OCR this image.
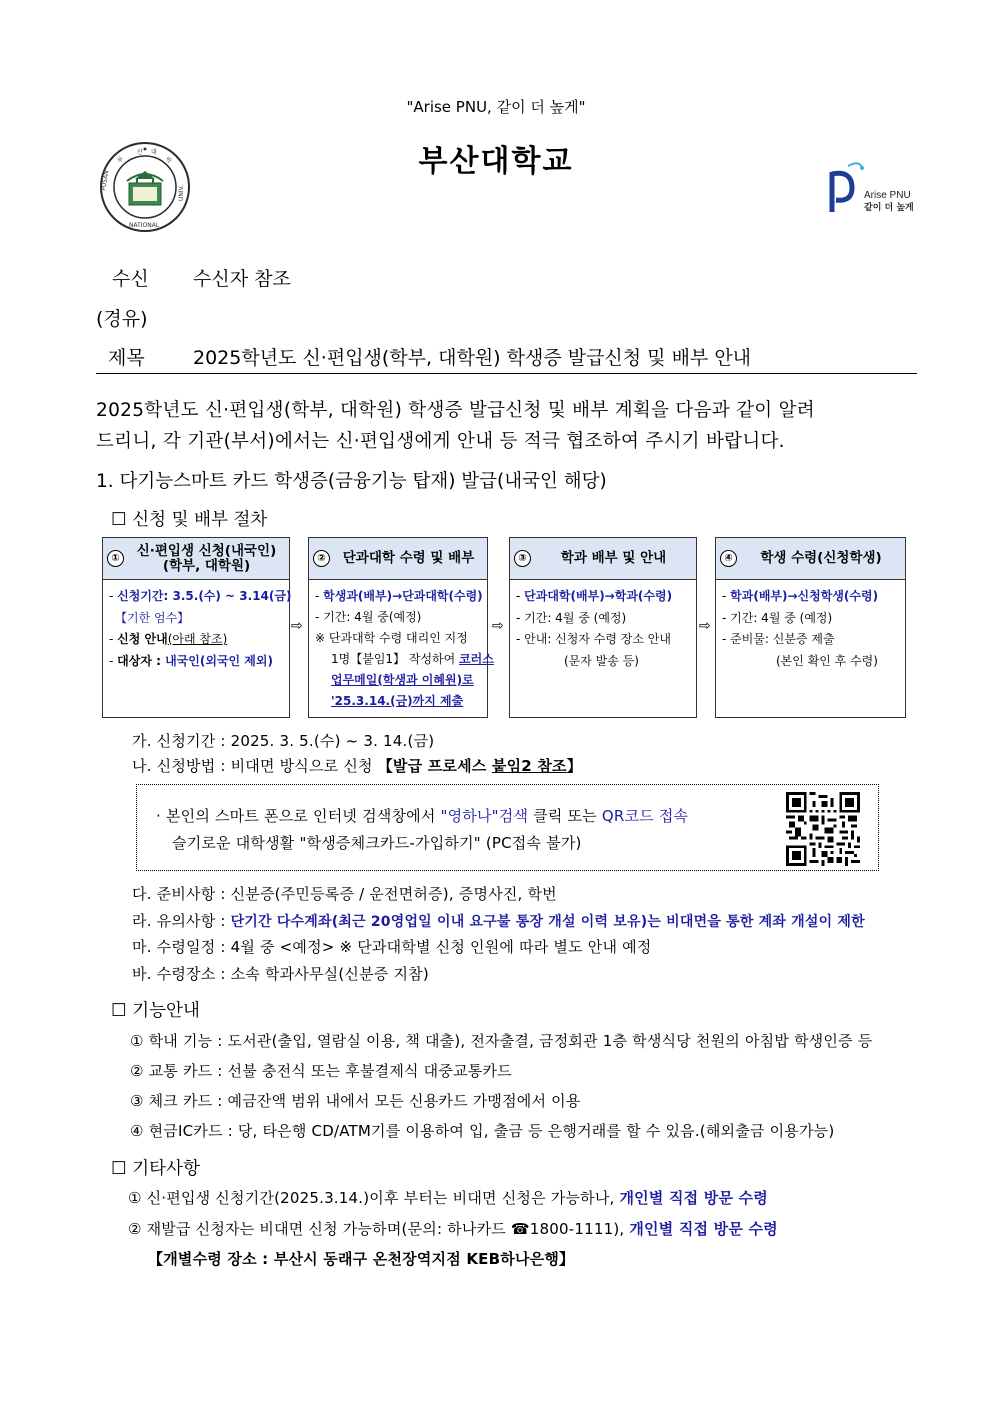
"Arise PNU, 같이 더 높게"
부
산 대
학
PUSAN
NATIONAL
UNIV.
부산대학교
Arise PNU
같이 더 높게
수신 수신자 참조
(경유)
제목	2025학년도 신·편입생(학부, 대학원) 학생증 발급신청 및 배부 안내
2025학년도 신·편입생(학부, 대학원) 학생증 발급신청 및 배부 계획을 다음과 같이 알려
드리니, 각 기관(부서)에서는 신·편입생에게 안내 등 적극 협조하여 주시기 바랍니다.
1. 다기능스마트 카드 학생증(금융기능 탑재) 발급(내국인 해당)
☐ 신청 및 배부 절차
①	신·편입생 신청(내국인)(학부, 대학원)
- 신청기간: 3.5.(수) ~ 3.14(금)
【기한 엄수】
- 신청 안내(아래 참조)
- 대상자 : 내국인(외국인 제외)
⇨
②	단과대학 수령 및 배부
- 학생과(배부)→단과대학(수령)
- 기간: 4월 중(예정)
※ 단과대학 수령 대리인 지정
1명【붙임1】 작성하여 코러스
업무메일(학생과 이혜원)로
'25.3.14.(금)까지 제출
⇨
③	학과 배부 및 안내
- 단과대학(배부)→학과(수령)
- 기간: 4월 중 (예정)
- 안내: 신청자 수령 장소 안내
(문자 발송 등)
⇨
④	학생 수령(신청학생)
- 학과(배부)→신청학생(수령)
- 기간: 4월 중 (예정)
- 준비물: 신분증 제출
(본인 확인 후 수령)
가. 신청기간 : 2025. 3. 5.(수) ~ 3. 14.(금)
나. 신청방법 : 비대면 방식으로 신청 【발급 프로세스 붙임2 참조】
· 본인의 스마트 폰으로 인터넷 검색창에서 "영하나"검색 클릭 또는 QR코드 접속
슬기로운 대학생활 "학생증체크카드-가입하기" (PC접속 불가)
다. 준비사항 : 신분증(주민등록증 / 운전면허증), 증명사진, 학번
라. 유의사항 : 단기간 다수계좌(최근 20영업일 이내 요구불 통장 개설 이력 보유)는 비대면을 통한 계좌 개설이 제한
마. 수령일정 : 4월 중 <예정> ※ 단과대학별 신청 인원에 따라 별도 안내 예정
바. 수령장소 : 소속 학과사무실(신분증 지참)
☐ 기능안내
① 학내 기능 : 도서관(출입, 열람실 이용, 책 대출), 전자출결, 금정회관 1층 학생식당 천원의 아침밥 학생인증 등
② 교통 카드 : 선불 충전식 또는 후불결제식 대중교통카드
③ 체크 카드 : 예금잔액 범위 내에서 모든 신용카드 가맹점에서 이용
④ 현금IC카드 : 당, 타은행 CD/ATM기를 이용하여 입, 출금 등 은행거래를 할 수 있음.(해외출금 이용가능)
☐ 기타사항
① 신·편입생 신청기간(2025.3.14.)이후 부터는 비대면 신청은 가능하나, 개인별 직접 방문 수령
② 재발급 신청자는 비대면 신청 가능하며(문의: 하나카드 ☎1800-1111), 개인별 직접 방문 수령
【개별수령 장소 : 부산시 동래구 온천장역지점 KEB하나은행】
